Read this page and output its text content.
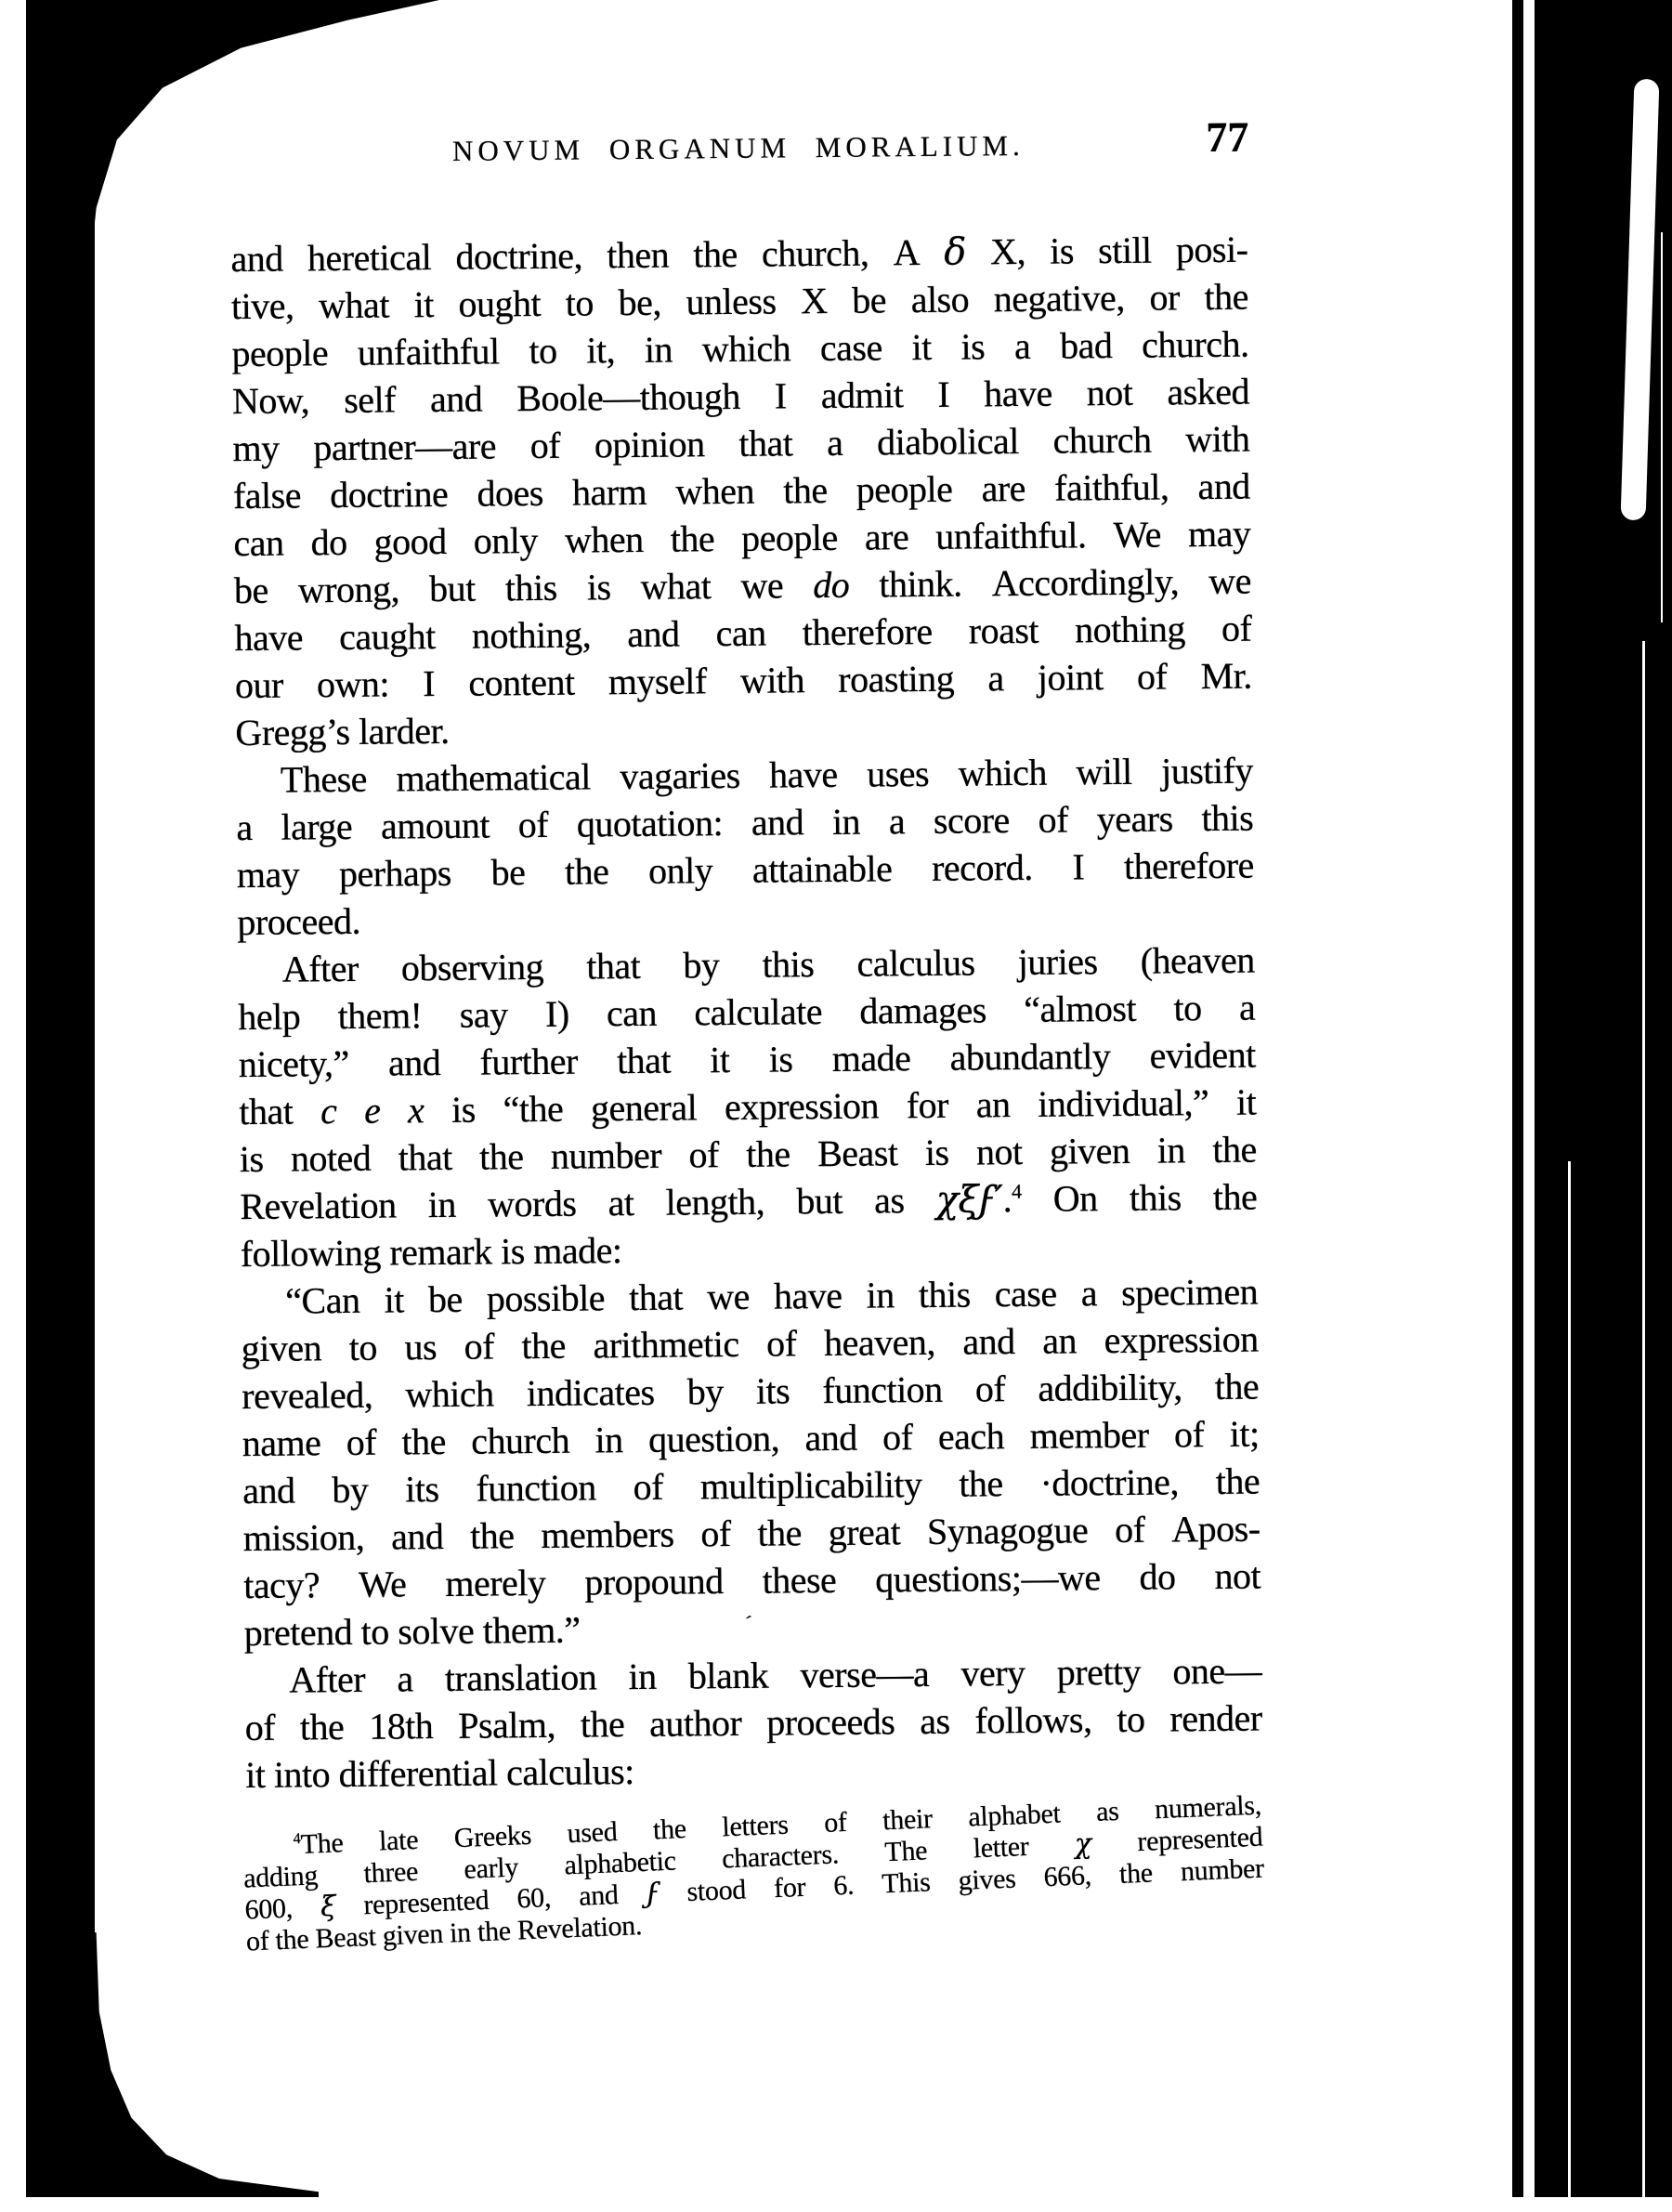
NOVUM ORGANUM MORALIUM.	77
and heretical doctrine, then the church, A δ X, is still posi-
tive, what it ought to be, unless X be also negative, or the
people unfaithful to it, in which case it is a bad church.
Now, self and Boole—though I admit I have not asked
my partner—are of opinion that a diabolical church with
false doctrine does harm when the people are faithful, and
can do good only when the people are unfaithful. We may
be wrong, but this is what we do think. Accordingly, we
have caught nothing, and can therefore roast nothing of
our own: I content myself with roasting a joint of Mr.
Gregg’s larder.
These mathematical vagaries have uses which will justify
a large amount of quotation: and in a score of years this
may perhaps be the only attainable record. I therefore
proceed.
After observing that by this calculus juries (heaven
help them! say I) can calculate damages “almost to a
nicety,” and further that it is made abundantly evident
that c e x is “the general expression for an individual,” it
is noted that the number of the Beast is not given in the
Revelation in words at length, but as χξϝ′.$^4$ On this the
following remark is made:
“Can it be possible that we have in this case a specimen
given to us of the arithmetic of heaven, and an expression
revealed, which indicates by its function of addibility, the
name of the church in question, and of each member of it;
and by its function of multiplicability the ·doctrine, the
mission, and the members of the great Synagogue of Apos-
tacy? We merely propound these questions;—we do not
pretend to solve them.”
After a translation in blank verse—a very pretty one—
of the 18th Psalm, the author proceeds as follows, to render
it into differential calculus:
$^4$The late Greeks used the letters of their alphabet as numerals,
adding three early alphabetic characters. The letter χ represented
600, ξ represented 60, and ϝ stood for 6. This gives 666, the number
of the Beast given in the Revelation.
ˊ
